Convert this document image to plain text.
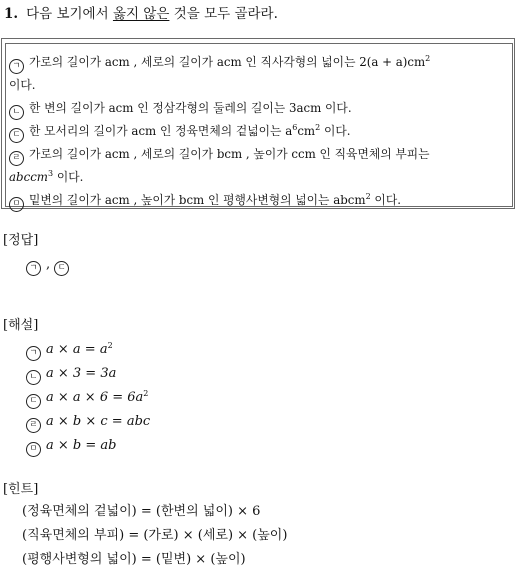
1. 다음 보기에서 옳지 않은 것을 모두 골라라.
ㄱ 가로의 길이가 acm , 세로의 길이가 acm 인 직사각형의 넓이는 $2(a + a)cm^2$
이다.
ㄴ 한 변의 길이가 acm 인 정삼각형의 둘레의 길이는 3acm 이다.
ㄷ 한 모서리의 길이가 acm 인 정육면체의 겉넓이는 $a^6cm^2$ 이다.
ㄹ 가로의 길이가 acm , 세로의 길이가 bcm , 높이가 ccm 인 직육면체의 부피는
abccm$^3$ 이다.
ㅁ 밑변의 길이가 acm , 높이가 bcm 인 평행사변형의 넓이는 abcm$^2$ 이다.
[정답]
ㄱ , ㄷ
[해설]
ㄱ $a \times a = a^2$
ㄴ a × 3 = 3a
ㄷ $a \times a \times 6 = 6a^2$
ㄹ a × b × c = abc
ㅁ a × b = ab
[힌트]
(정육면체의 겉넓이) = (한변의 넓이) × 6
(직육면체의 부피) = (가로) × (세로) × (높이)
(평행사변형의 넓이) = (밑변) × (높이)
